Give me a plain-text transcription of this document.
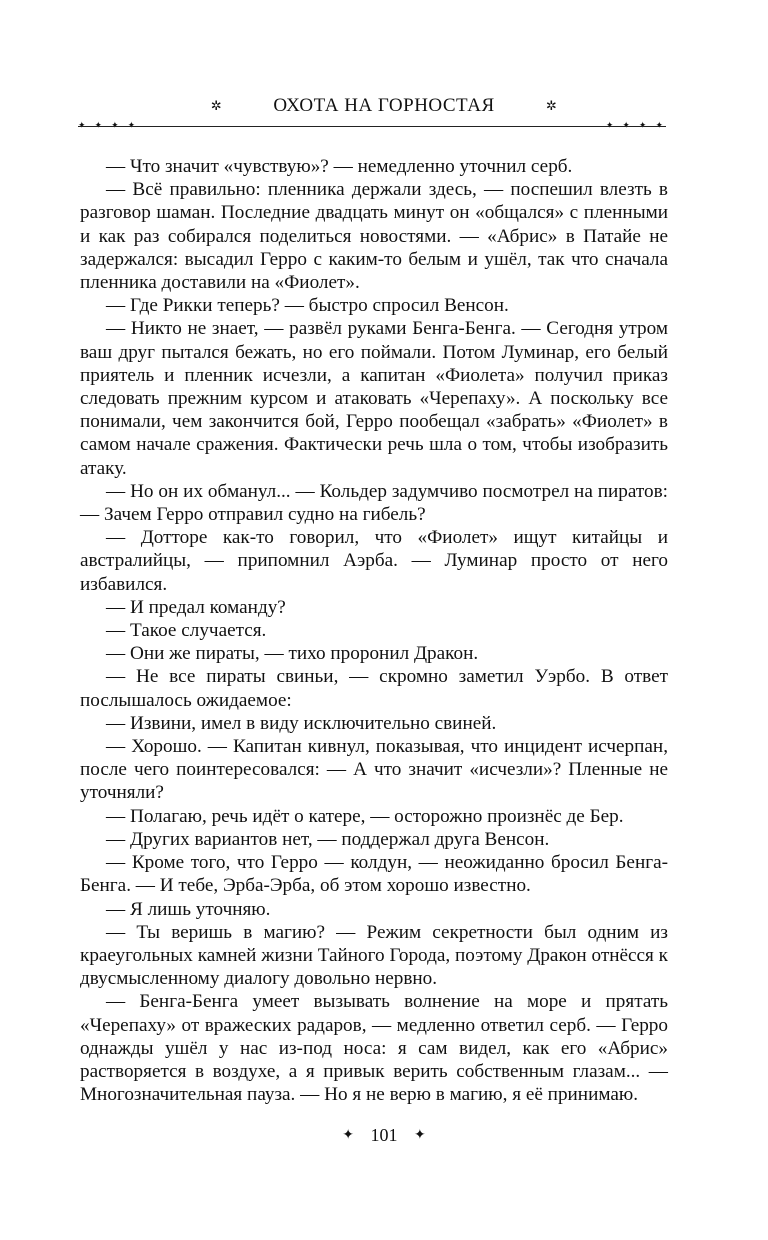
✲	ОХОТА НА ГОРНОСТАЯ	✲
✦✦✦✦	✦✦✦✦

— Что значит «чувствую»? — немедленно уточнил серб.

— Всё правильно: пленника держали здесь, — поспешил влезть в разговор шаман. Последние двадцать минут он «общался» с пленными и как раз собирался поделиться новостями. — «Абрис» в Патайе не задержался: высадил Герро с каким-то белым и ушёл, так что сначала пленника доставили на «Фиолет».

— Где Рикки теперь? — быстро спросил Венсон.

— Никто не знает, — развёл руками Бенга-Бенга. — Сегодня утром ваш друг пытался бежать, но его поймали. Потом Луминар, его белый приятель и пленник исчезли, а капитан «Фиолета» получил приказ следовать прежним курсом и атаковать «Черепаху». А поскольку все понимали, чем закончится бой, Герро пообещал «забрать» «Фиолет» в самом начале сражения. Фактически речь шла о том, чтобы изобразить атаку.

— Но он их обманул... — Кольдер задумчиво посмотрел на пиратов: — Зачем Герро отправил судно на гибель?

— Дотторе как-то говорил, что «Фиолет» ищут китайцы и австралийцы, — припомнил Аэрба. — Луминар просто от него избавился.

— И предал команду?

— Такое случается.

— Они же пираты, — тихо проронил Дракон.

— Не все пираты свиньи, — скромно заметил Уэрбо. В ответ послышалось ожидаемое:

— Извини, имел в виду исключительно свиней.

— Хорошо. — Капитан кивнул, показывая, что инцидент исчерпан, после чего поинтересовался: — А что значит «исчезли»? Пленные не уточняли?

— Полагаю, речь идёт о катере, — осторожно произнёс де Бер.

— Других вариантов нет, — поддержал друга Венсон.

— Кроме того, что Герро — колдун, — неожиданно бросил Бенга-Бенга. — И тебе, Эрба-Эрба, об этом хорошо известно.

— Я лишь уточняю.

— Ты веришь в магию? — Режим секретности был одним из краеугольных камней жизни Тайного Города, поэтому Дракон отнёсся к двусмысленному диалогу довольно нервно.

— Бенга-Бенга умеет вызывать волнение на море и прятать «Черепаху» от вражеских радаров, — медленно ответил серб. — Герро однажды ушёл у нас из-под носа: я сам видел, как его «Абрис» растворяется в воздухе, а я привык верить собственным глазам... — Многозначительная пауза. — Но я не верю в магию, я её принимаю.

✦ 101 ✦
